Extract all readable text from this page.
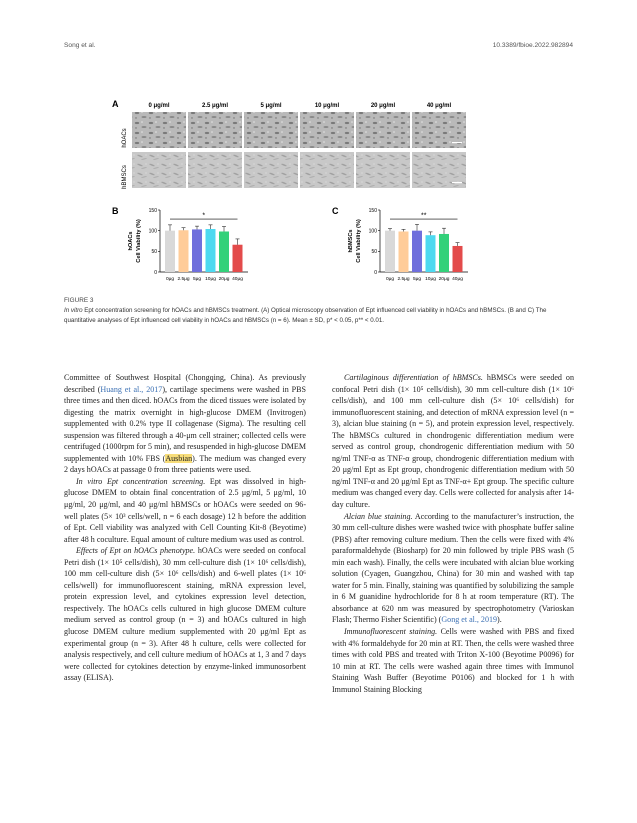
Song et al.	10.3389/fbioe.2022.982894
A	0 μg/ml	2.5 μg/ml	5 μg/ml	10 μg/ml	20 μg/ml	40 μg/ml
hOACs
hBMSCs
B	C
hOACs Cell Viability (%)
0
50
100
150
0μg 2.5μg 5μg 10μg 20μg 40μg
*
hBMSCs Cell Viability (%)
0
50
100
150
0μg 2.5μg 5μg 10μg 20μg 40μg
**
FIGURE 3
In vitro Ept concentration screening for hOACs and hBMSCs treatment. (A) Optical microscopy observation of Ept influenced cell viability in hOACs and hBMSCs. (B and C) The quantitative analyses of Ept influenced cell viability in hOACs and hBMSCs (n = 6). Mean ± SD, p* < 0.05, p** < 0.01.

Committee of Southwest Hospital (Chongqing, China). As previously described (Huang et al., 2017), cartilage specimens were washed in PBS three times and then diced. hOACs from the diced tissues were isolated by digesting the matrix overnight in high-glucose DMEM (Invitrogen) supplemented with 0.2% type II collagenase (Sigma). The resulting cell suspension was filtered through a 40-μm cell strainer; collected cells were centrifuged (1000rpm for 5 min), and resuspended in high-glucose DMEM supplemented with 10% FBS (Ausbian). The medium was changed every 2 days hOACs at passage 0 from three patients were used.

In vitro Ept concentration screening. Ept was dissolved in high-glucose DMEM to obtain final concentration of 2.5 μg/ml, 5 μg/ml, 10 μg/ml, 20 μg/ml, and 40 μg/ml hBMSCs or hOACs were seeded on 96-well plates (5× 10³ cells/well, n = 6 each dosage) 12 h before the addition of Ept. Cell viability was analyzed with Cell Counting Kit-8 (Beyotime) after 48 h coculture. Equal amount of culture medium was used as control.

Effects of Ept on hOACs phenotype. hOACs were seeded on confocal Petri dish (1× 10⁵ cells/dish), 30 mm cell-culture dish (1× 10⁶ cells/dish), 100 mm cell-culture dish (5× 10⁶ cells/dish) and 6-well plates (1× 10⁶ cells/well) for immunofluorescent staining, mRNA expression level, protein expression level, and cytokines expression level detection, respectively. The hOACs cells cultured in high glucose DMEM culture medium served as control group (n = 3) and hOACs cultured in high glucose DMEM culture medium supplemented with 20 μg/ml Ept as experimental group (n = 3). After 48 h culture, cells were collected for analysis respectively, and cell culture medium of hOACs at 1, 3 and 7 days were collected for cytokines detection by enzyme-linked immunosorbent assay (ELISA).

Cartilaginous differentiation of hBMSCs. hBMSCs were seeded on confocal Petri dish (1× 10⁵ cells/dish), 30 mm cell-culture dish (1× 10⁶ cells/dish), and 100 mm cell-culture dish (5× 10⁶ cells/dish) for immunofluorescent staining, and detection of mRNA expression level (n = 3), alcian blue staining (n = 5), and protein expression level, respectively. The hBMSCs cultured in chondrogenic differentiation medium were served as control group, chondrogenic differentiation medium with 50 ng/ml TNF-α as TNF-α group, chondrogenic differentiation medium with 20 μg/ml Ept as Ept group, chondrogenic differentiation medium with 50 ng/ml TNF-α and 20 μg/ml Ept as TNF-α+ Ept group. The specific culture medium was changed every day. Cells were collected for analysis after 14-day culture.

Alcian blue staining. According to the manufacturer’s instruction, the 30 mm cell-culture dishes were washed twice with phosphate buffer saline (PBS) after removing culture medium. Then the cells were fixed with 4% paraformaldehyde (Biosharp) for 20 min followed by triple PBS wash (5 min each wash). Finally, the cells were incubated with alcian blue working solution (Cyagen, Guangzhou, China) for 30 min and washed with tap water for 5 min. Finally, staining was quantified by solubilizing the sample in 6 M guanidine hydrochloride for 8 h at room temperature (RT). The absorbance at 620 nm was measured by spectrophotometry (Varioskan Flash; Thermo Fisher Scientific) (Gong et al., 2019).

Immunofluorescent staining. Cells were washed with PBS and fixed with 4% formaldehyde for 20 min at RT. Then, the cells were washed three times with cold PBS and treated with Triton X-100 (Beyotime P0096) for 10 min at RT. The cells were washed again three times with Immunol Staining Wash Buffer (Beyotime P0106) and blocked for 1 h with Immunol Staining Blocking
